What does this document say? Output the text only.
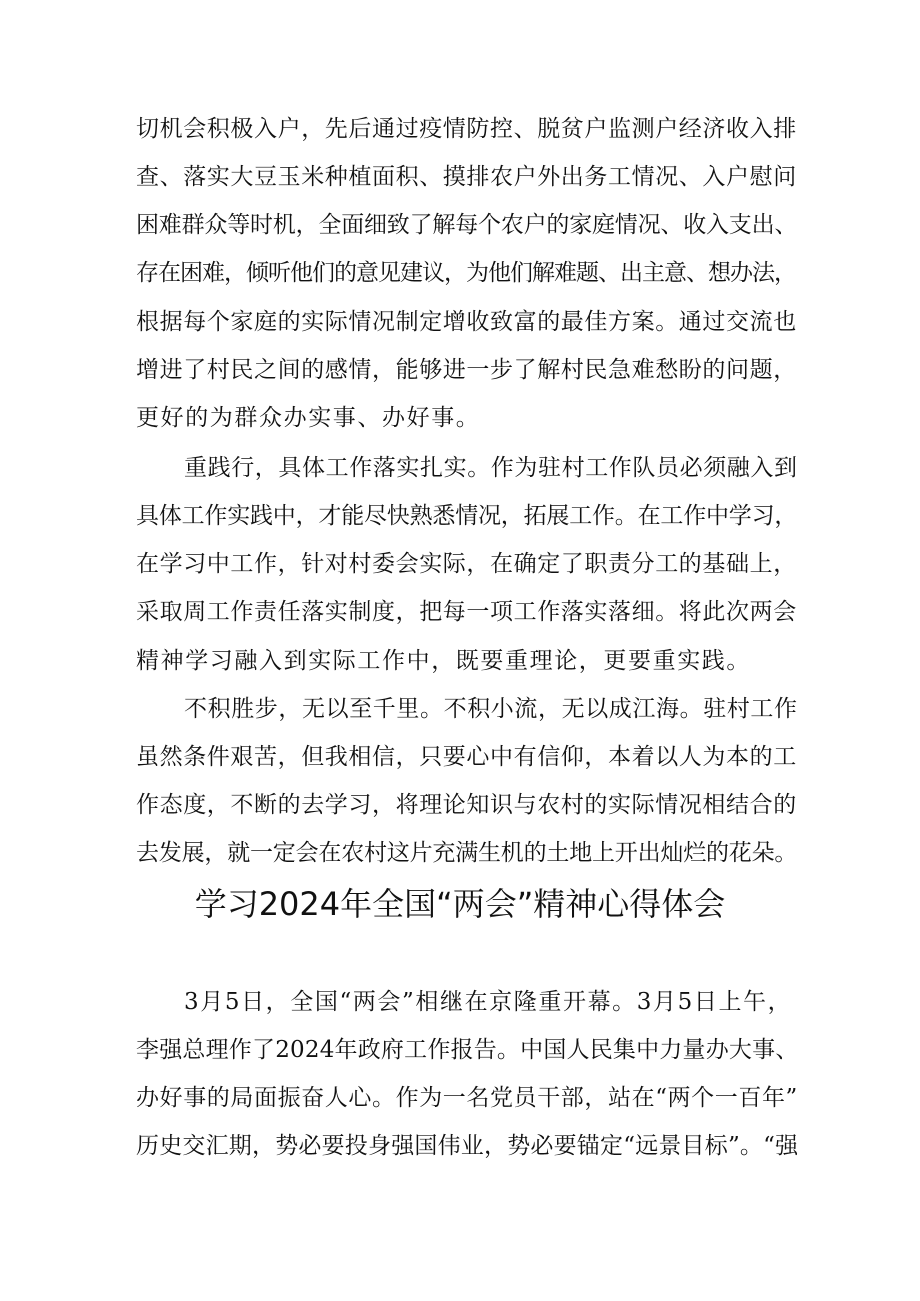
切机会积极入户，先后通过疫情防控、脱贫户监测户经济收入排
查、落实大豆玉米种植面积、摸排农户外出务工情况、入户慰问
困难群众等时机，全面细致了解每个农户的家庭情况、收入支出、
存在困难，倾听他们的意见建议，为他们解难题、出主意、想办法，
根据每个家庭的实际情况制定增收致富的最佳方案。通过交流也
增进了村民之间的感情，能够进一步了解村民急难愁盼的问题，
更好的为群众办实事、办好事。
重践行，具体工作落实扎实。作为驻村工作队员必须融入到
具体工作实践中，才能尽快熟悉情况，拓展工作。在工作中学习，
在学习中工作，针对村委会实际，在确定了职责分工的基础上，
采取周工作责任落实制度，把每一项工作落实落细。将此次两会
精神学习融入到实际工作中，既要重理论，更要重实践。
不积胜步，无以至千里。不积小流，无以成江海。驻村工作
虽然条件艰苦，但我相信，只要心中有信仰，本着以人为本的工
作态度，不断的去学习，将理论知识与农村的实际情况相结合的
去发展，就一定会在农村这片充满生机的土地上开出灿烂的花朵。
学习2024年全国“两会”精神心得体会
3月5日，全国“两会”相继在京隆重开幕。3月5日上午，
李强总理作了2024年政府工作报告。中国人民集中力量办大事、
办好事的局面振奋人心。作为一名党员干部，站在“两个一百年”
历史交汇期，势必要投身强国伟业，势必要锚定“远景目标”。“强
